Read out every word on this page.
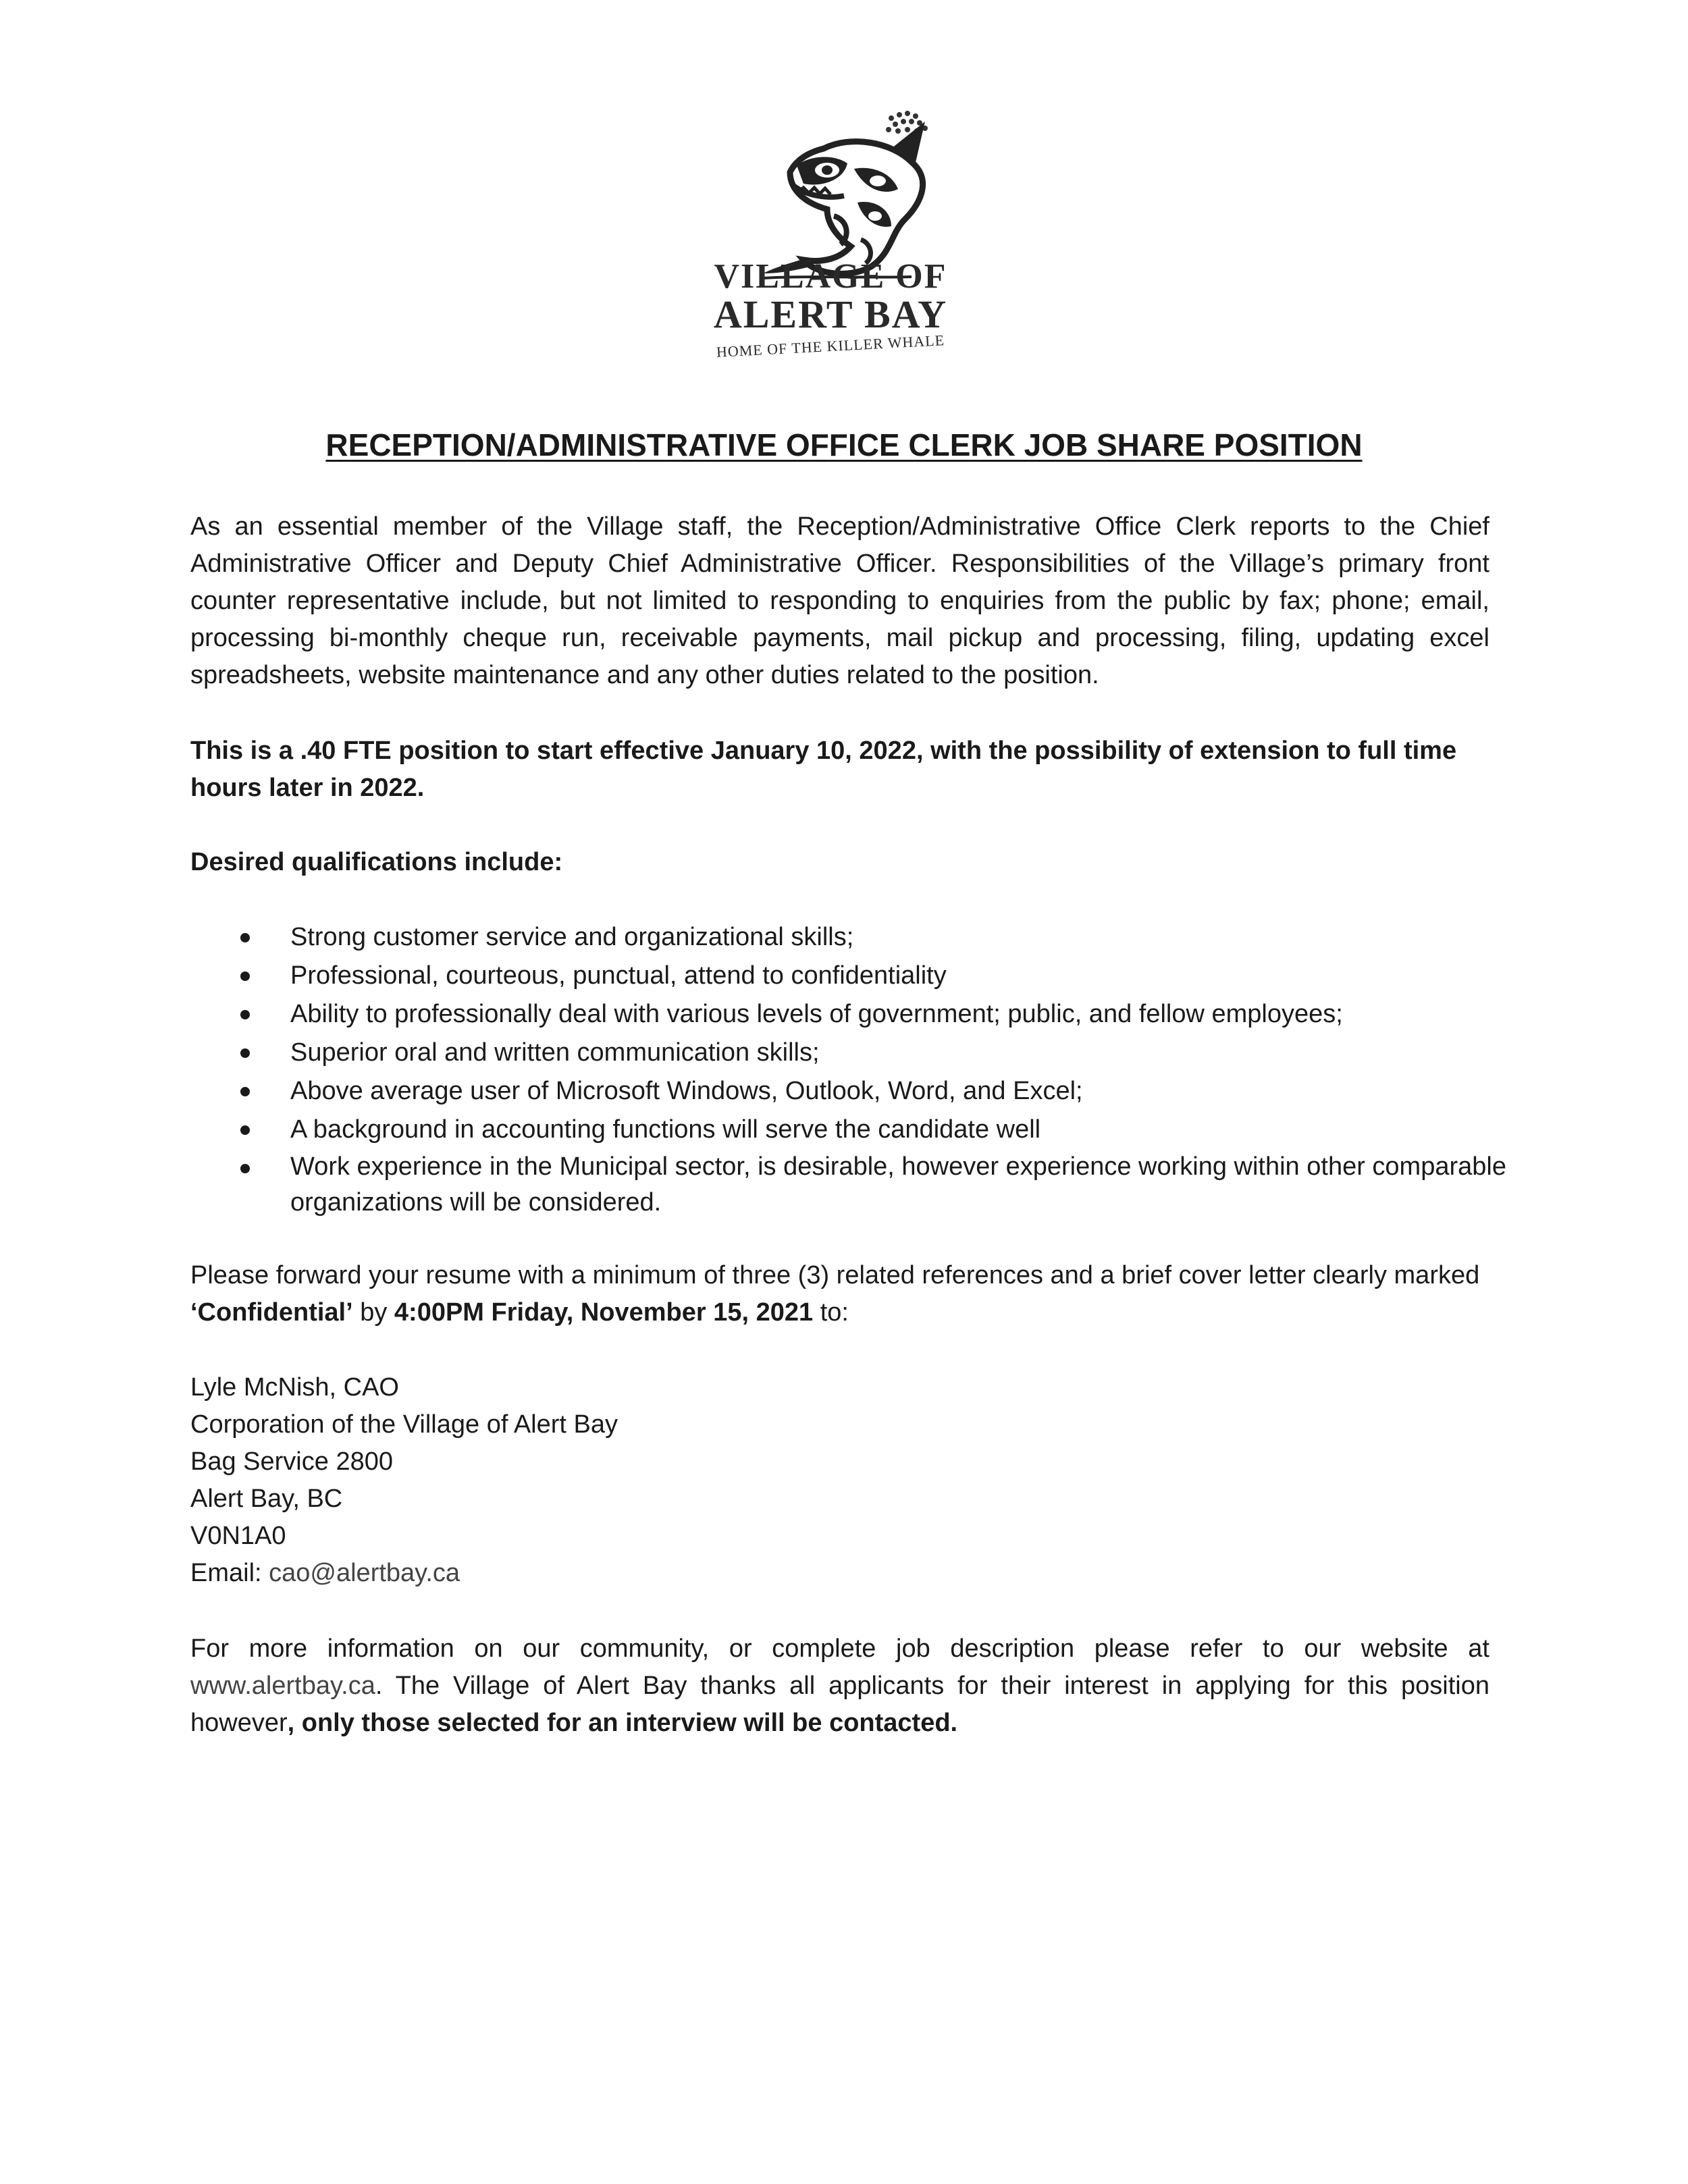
VILLAGE OF
ALERT BAY
HOME OF THE KILLER WHALE
RECEPTION/ADMINISTRATIVE OFFICE CLERK JOB SHARE POSITION
As an essential member of the Village staff, the Reception/Administrative Office Clerk reports to the Chief Administrative Officer and Deputy Chief Administrative Officer. Responsibilities of the Village’s primary front counter representative include, but not limited to responding to enquiries from the public by fax; phone; email, processing bi-monthly cheque run, receivable payments, mail pickup and processing, filing, updating excel spreadsheets, website maintenance and any other duties related to the position.
This is a .40 FTE position to start effective January 10, 2022, with the possibility of extension to full time hours later in 2022.
Desired qualifications include:
Strong customer service and organizational skills;
Professional, courteous, punctual, attend to confidentiality
Ability to professionally deal with various levels of government; public, and fellow employees;
Superior oral and written communication skills;
Above average user of Microsoft Windows, Outlook, Word, and Excel;
A background in accounting functions will serve the candidate well
Work experience in the Municipal sector, is desirable, however experience working within other comparable organizations will be considered.
Please forward your resume with a minimum of three (3) related references and a brief cover letter clearly marked ‘Confidential’ by 4:00PM Friday, November 15, 2021 to:
Lyle McNish, CAO
Corporation of the Village of Alert Bay
Bag Service 2800
Alert Bay, BC
V0N1A0
Email: cao@alertbay.ca
For more information on our community, or complete job description please refer to our website at www.alertbay.ca. The Village of Alert Bay thanks all applicants for their interest in applying for this position however, only those selected for an interview will be contacted.
